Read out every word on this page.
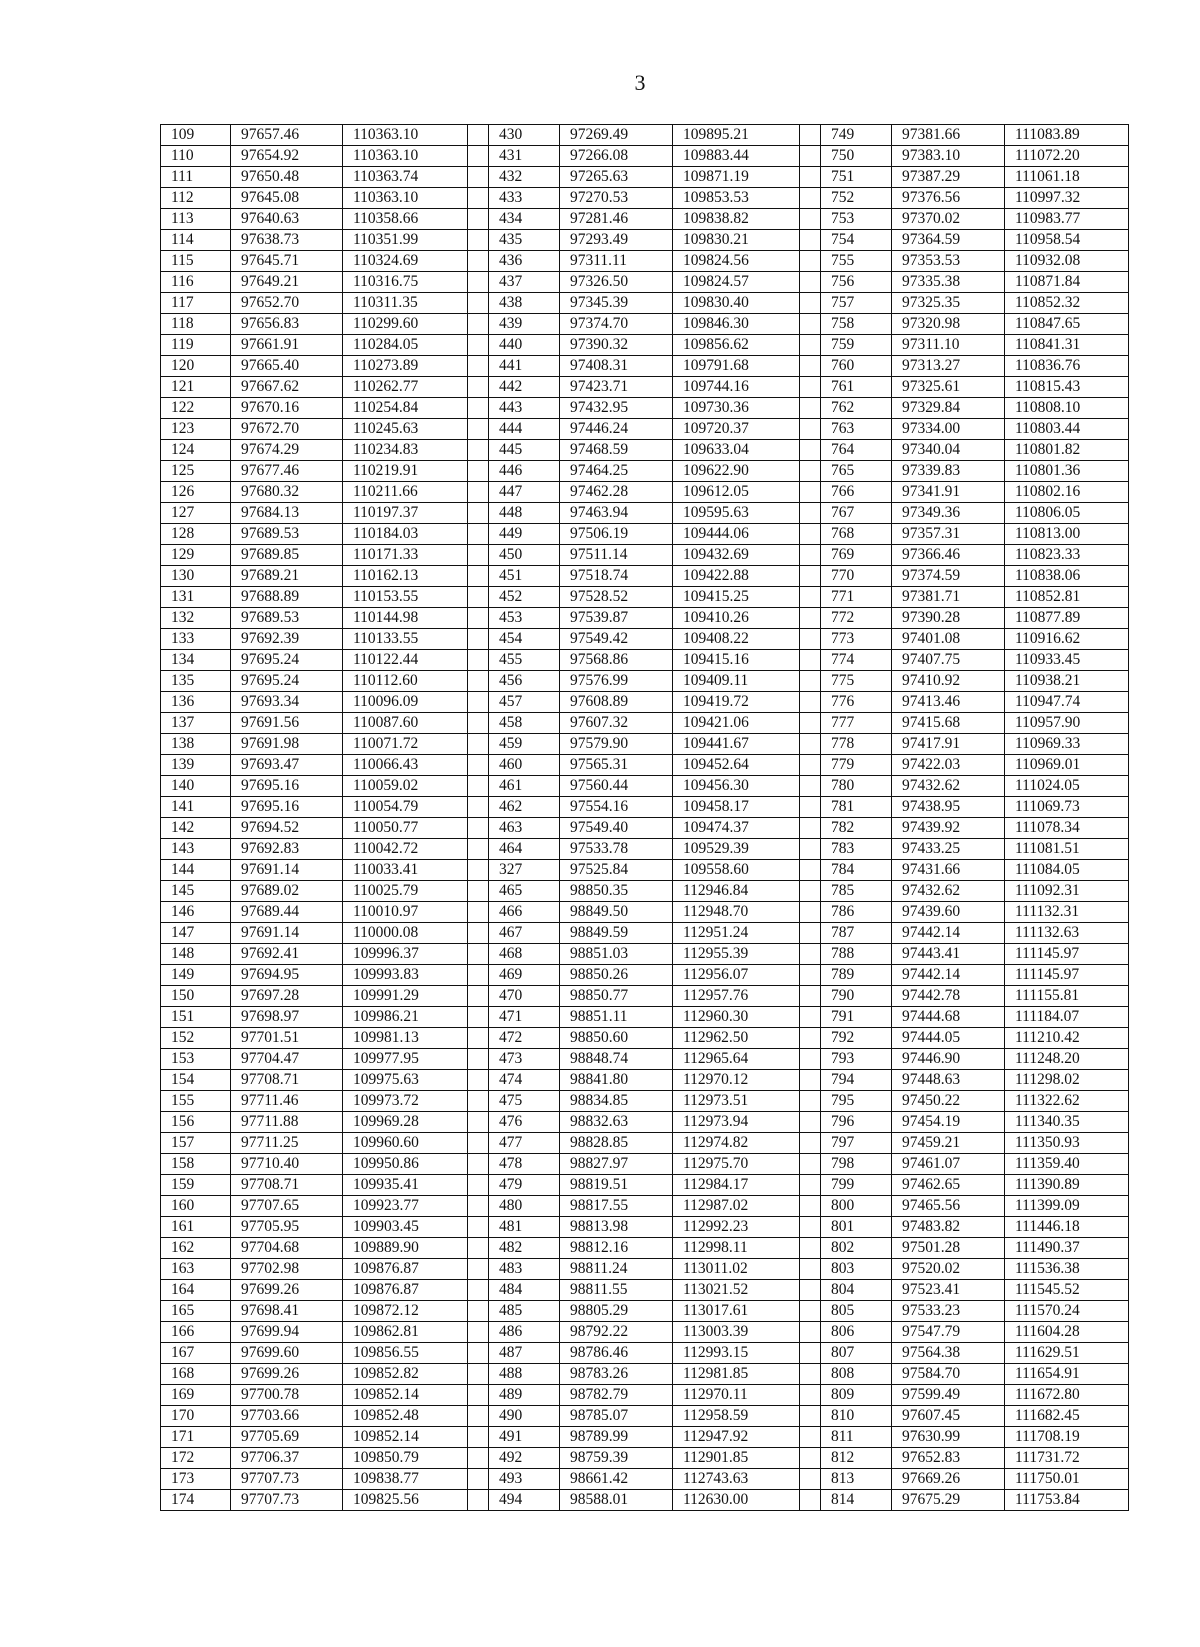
3
109	97657.46	110363.10		430	97269.49	109895.21		749	97381.66	111083.89
110	97654.92	110363.10		431	97266.08	109883.44		750	97383.10	111072.20
111	97650.48	110363.74		432	97265.63	109871.19		751	97387.29	111061.18
112	97645.08	110363.10		433	97270.53	109853.53		752	97376.56	110997.32
113	97640.63	110358.66		434	97281.46	109838.82		753	97370.02	110983.77
114	97638.73	110351.99		435	97293.49	109830.21		754	97364.59	110958.54
115	97645.71	110324.69		436	97311.11	109824.56		755	97353.53	110932.08
116	97649.21	110316.75		437	97326.50	109824.57		756	97335.38	110871.84
117	97652.70	110311.35		438	97345.39	109830.40		757	97325.35	110852.32
118	97656.83	110299.60		439	97374.70	109846.30		758	97320.98	110847.65
119	97661.91	110284.05		440	97390.32	109856.62		759	97311.10	110841.31
120	97665.40	110273.89		441	97408.31	109791.68		760	97313.27	110836.76
121	97667.62	110262.77		442	97423.71	109744.16		761	97325.61	110815.43
122	97670.16	110254.84		443	97432.95	109730.36		762	97329.84	110808.10
123	97672.70	110245.63		444	97446.24	109720.37		763	97334.00	110803.44
124	97674.29	110234.83		445	97468.59	109633.04		764	97340.04	110801.82
125	97677.46	110219.91		446	97464.25	109622.90		765	97339.83	110801.36
126	97680.32	110211.66		447	97462.28	109612.05		766	97341.91	110802.16
127	97684.13	110197.37		448	97463.94	109595.63		767	97349.36	110806.05
128	97689.53	110184.03		449	97506.19	109444.06		768	97357.31	110813.00
129	97689.85	110171.33		450	97511.14	109432.69		769	97366.46	110823.33
130	97689.21	110162.13		451	97518.74	109422.88		770	97374.59	110838.06
131	97688.89	110153.55		452	97528.52	109415.25		771	97381.71	110852.81
132	97689.53	110144.98		453	97539.87	109410.26		772	97390.28	110877.89
133	97692.39	110133.55		454	97549.42	109408.22		773	97401.08	110916.62
134	97695.24	110122.44		455	97568.86	109415.16		774	97407.75	110933.45
135	97695.24	110112.60		456	97576.99	109409.11		775	97410.92	110938.21
136	97693.34	110096.09		457	97608.89	109419.72		776	97413.46	110947.74
137	97691.56	110087.60		458	97607.32	109421.06		777	97415.68	110957.90
138	97691.98	110071.72		459	97579.90	109441.67		778	97417.91	110969.33
139	97693.47	110066.43		460	97565.31	109452.64		779	97422.03	110969.01
140	97695.16	110059.02		461	97560.44	109456.30		780	97432.62	111024.05
141	97695.16	110054.79		462	97554.16	109458.17		781	97438.95	111069.73
142	97694.52	110050.77		463	97549.40	109474.37		782	97439.92	111078.34
143	97692.83	110042.72		464	97533.78	109529.39		783	97433.25	111081.51
144	97691.14	110033.41		327	97525.84	109558.60		784	97431.66	111084.05
145	97689.02	110025.79		465	98850.35	112946.84		785	97432.62	111092.31
146	97689.44	110010.97		466	98849.50	112948.70		786	97439.60	111132.31
147	97691.14	110000.08		467	98849.59	112951.24		787	97442.14	111132.63
148	97692.41	109996.37		468	98851.03	112955.39		788	97443.41	111145.97
149	97694.95	109993.83		469	98850.26	112956.07		789	97442.14	111145.97
150	97697.28	109991.29		470	98850.77	112957.76		790	97442.78	111155.81
151	97698.97	109986.21		471	98851.11	112960.30		791	97444.68	111184.07
152	97701.51	109981.13		472	98850.60	112962.50		792	97444.05	111210.42
153	97704.47	109977.95		473	98848.74	112965.64		793	97446.90	111248.20
154	97708.71	109975.63		474	98841.80	112970.12		794	97448.63	111298.02
155	97711.46	109973.72		475	98834.85	112973.51		795	97450.22	111322.62
156	97711.88	109969.28		476	98832.63	112973.94		796	97454.19	111340.35
157	97711.25	109960.60		477	98828.85	112974.82		797	97459.21	111350.93
158	97710.40	109950.86		478	98827.97	112975.70		798	97461.07	111359.40
159	97708.71	109935.41		479	98819.51	112984.17		799	97462.65	111390.89
160	97707.65	109923.77		480	98817.55	112987.02		800	97465.56	111399.09
161	97705.95	109903.45		481	98813.98	112992.23		801	97483.82	111446.18
162	97704.68	109889.90		482	98812.16	112998.11		802	97501.28	111490.37
163	97702.98	109876.87		483	98811.24	113011.02		803	97520.02	111536.38
164	97699.26	109876.87		484	98811.55	113021.52		804	97523.41	111545.52
165	97698.41	109872.12		485	98805.29	113017.61		805	97533.23	111570.24
166	97699.94	109862.81		486	98792.22	113003.39		806	97547.79	111604.28
167	97699.60	109856.55		487	98786.46	112993.15		807	97564.38	111629.51
168	97699.26	109852.82		488	98783.26	112981.85		808	97584.70	111654.91
169	97700.78	109852.14		489	98782.79	112970.11		809	97599.49	111672.80
170	97703.66	109852.48		490	98785.07	112958.59		810	97607.45	111682.45
171	97705.69	109852.14		491	98789.99	112947.92		811	97630.99	111708.19
172	97706.37	109850.79		492	98759.39	112901.85		812	97652.83	111731.72
173	97707.73	109838.77		493	98661.42	112743.63		813	97669.26	111750.01
174	97707.73	109825.56		494	98588.01	112630.00		814	97675.29	111753.84
